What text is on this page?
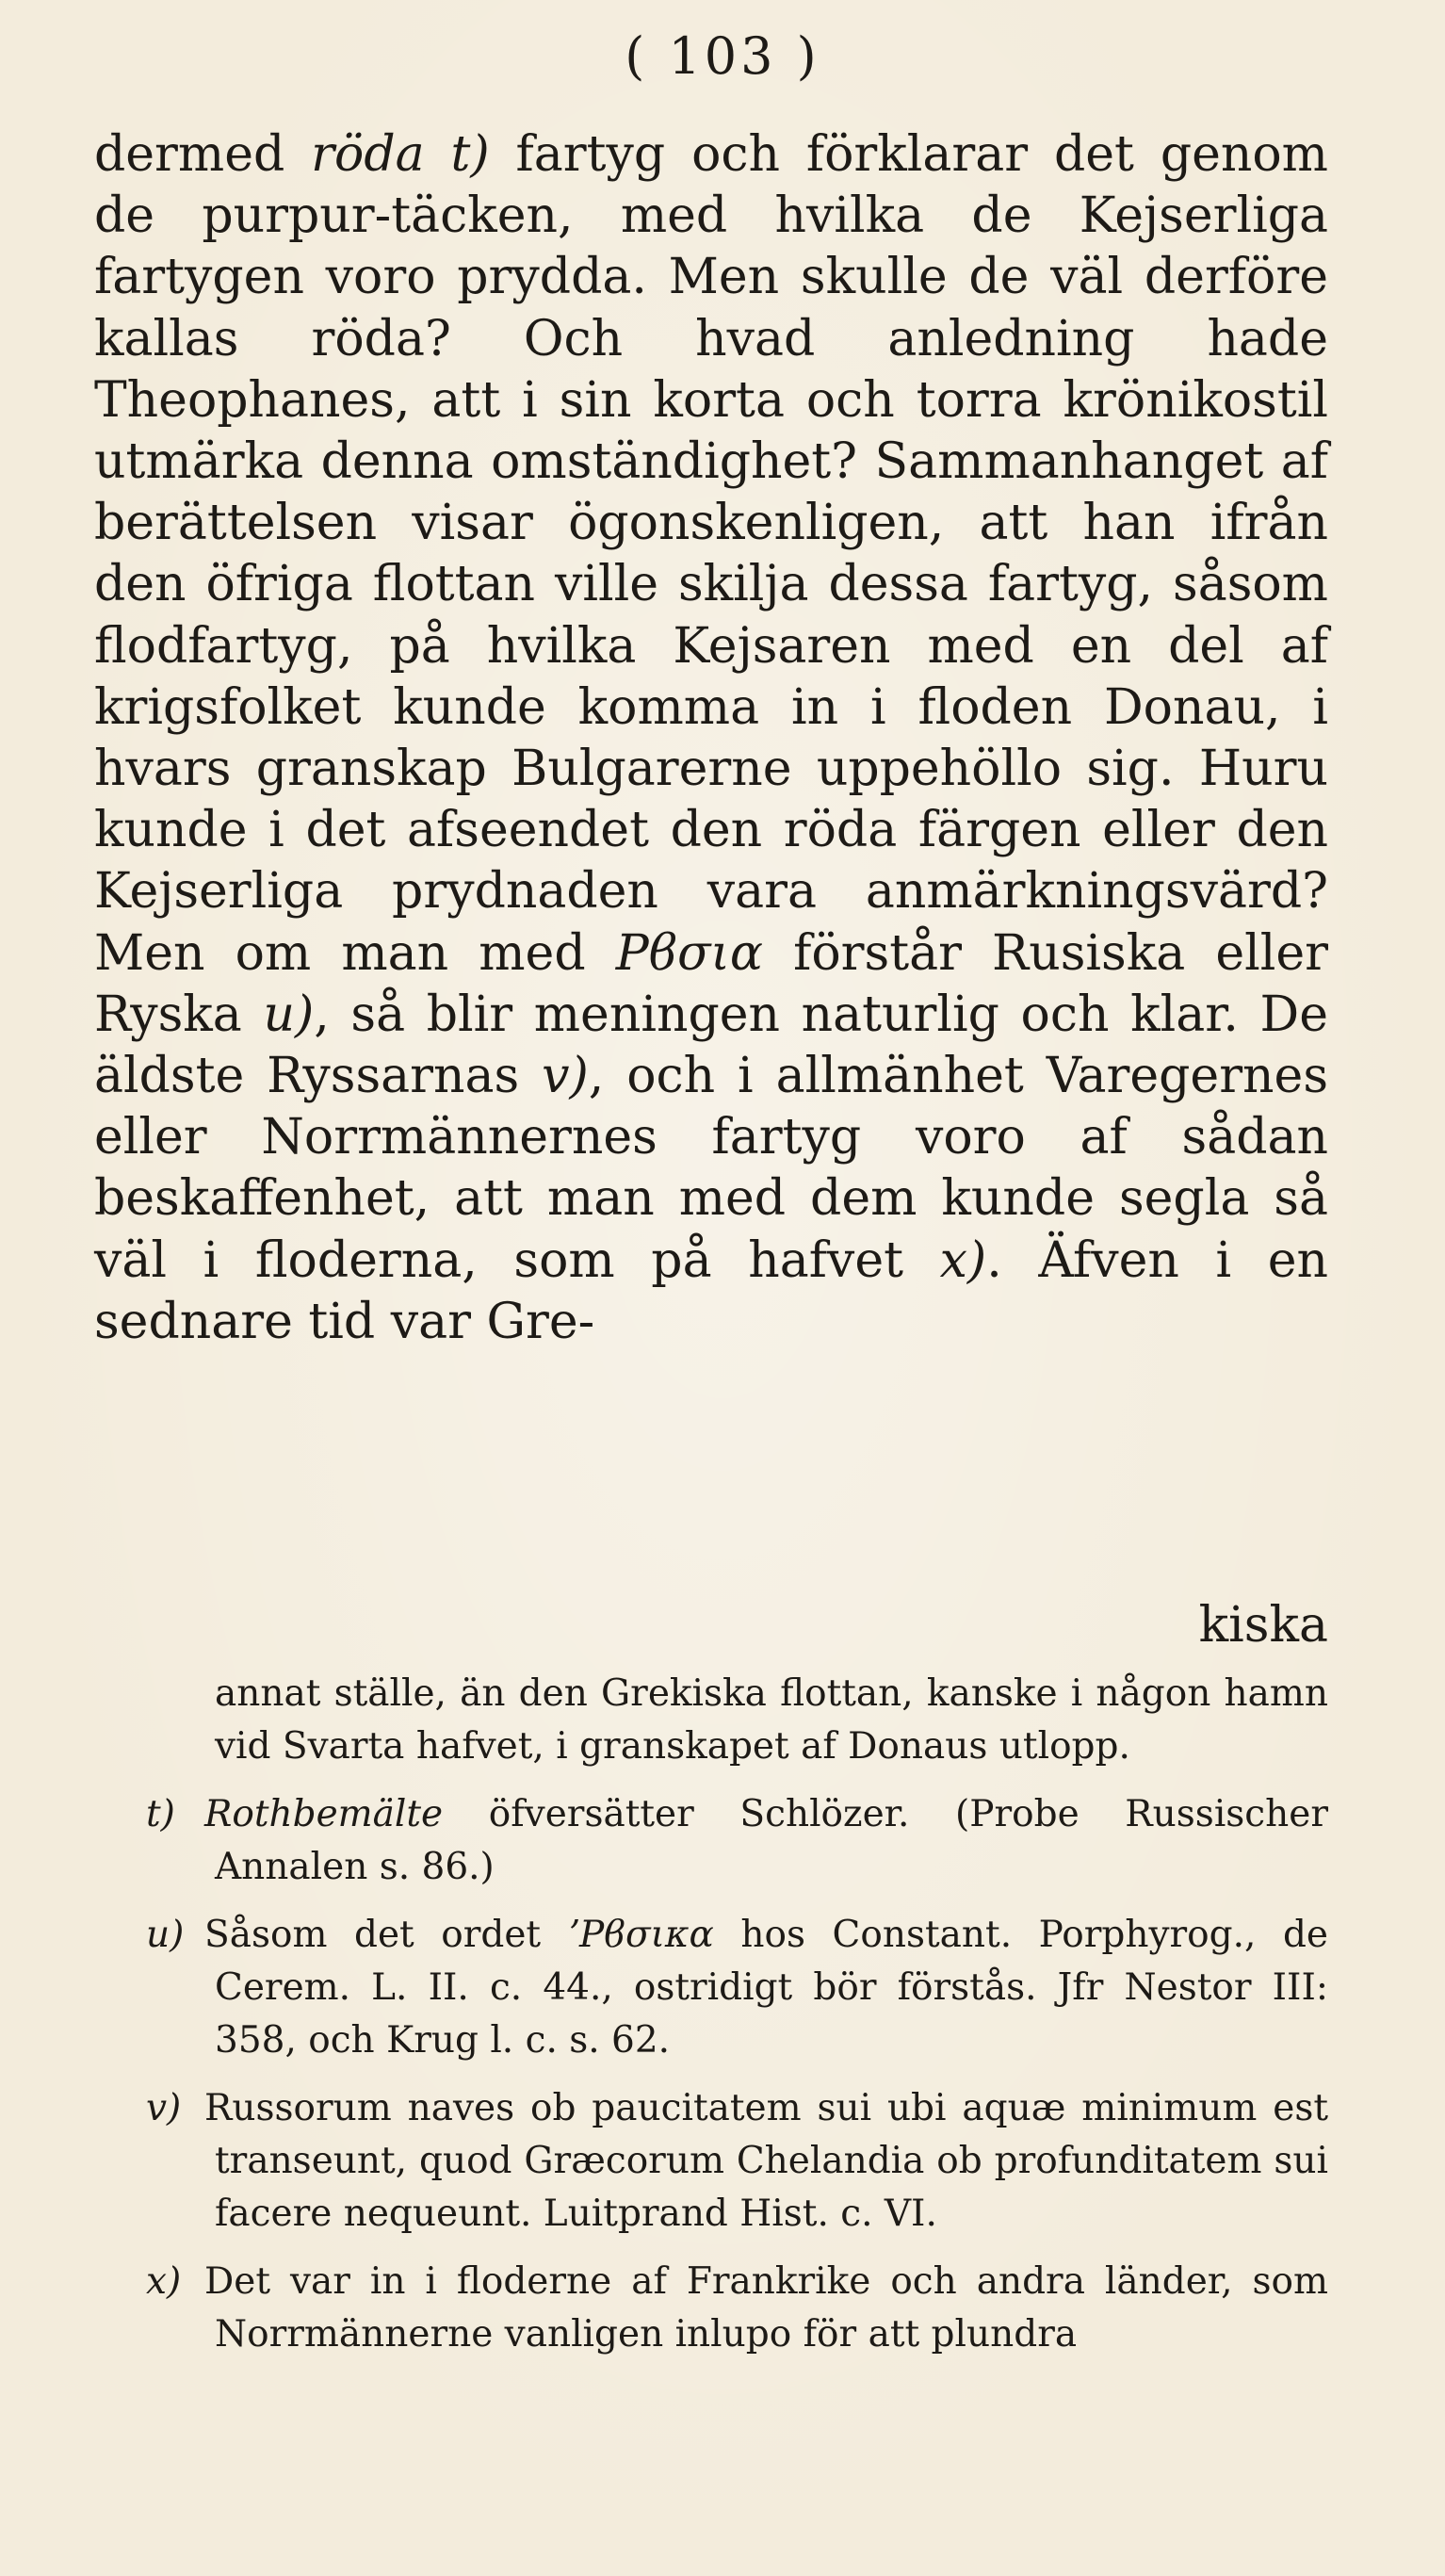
( 103 )

dermed röda t) fartyg och förklarar det genom de purpur-täcken, med hvilka de Kejserliga fartygen voro prydda. Men skulle de väl derföre kallas röda? Och hvad anledning hade Theophanes, att i sin korta och torra krönikostil utmärka denna omständighet? Sammanhanget af berättelsen visar ögonskenligen, att han ifrån den öfriga flottan ville skilja dessa fartyg, såsom flodfartyg, på hvilka Kejsaren med en del af krigsfolket kunde komma in i floden Donau, i hvars granskap Bulgarerne uppehöllo sig. Huru kunde i det afseendet den röda färgen eller den Kejserliga prydnaden vara anmärkningsvärd? Men om man med Ρϐσια förstår Rusiska eller Ryska u), så blir meningen naturlig och klar. De äldste Ryssarnas v), och i allmänhet Varegernes eller Norrmännernes fartyg voro af sådan beskaffenhet, att man med dem kunde segla så väl i floderna, som på hafvet x). Äfven i en sednare tid var Gre-

kiska
annat ställe, än den Grekiska flottan, kanske i någon hamn vid Svarta hafvet, i granskapet af Donaus utlopp.
t) Rothbemälte öfversätter Schlözer. (Probe Russischer Annalen s. 86.)
u) Såsom det ordet ʼΡϐσικα hos Constant. Porphyrog., de Cerem. L. II. c. 44., ostridigt bör förstås. Jfr Nestor III: 358, och Krug l. c. s. 62.
v) Russorum naves ob paucitatem sui ubi aquæ minimum est transeunt, quod Græcorum Chelandia ob profunditatem sui facere nequeunt. Luitprand Hist. c. VI.
x) Det var in i floderne af Frankrike och andra länder, som Norrmännerne vanligen inlupo för att plundra
